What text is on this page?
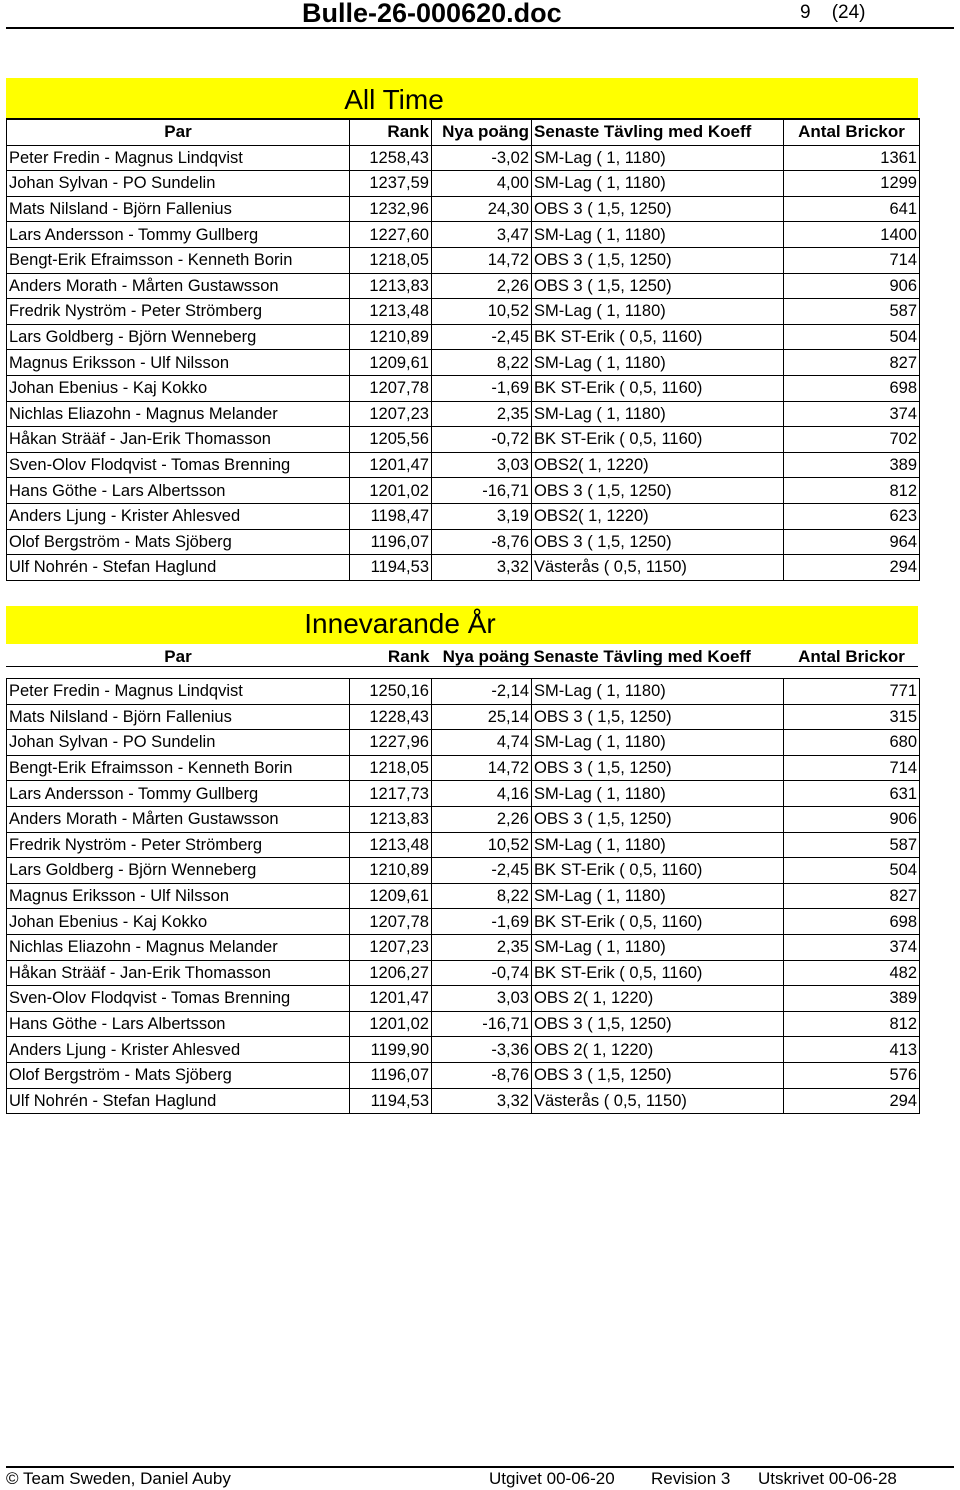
Bulle-26-000620.doc	9 (24)
All Time
Par	Rank	Nya poäng	Senaste Tävling med Koeff	Antal Brickor
Peter Fredin - Magnus Lindqvist	1258,43	-3,02	SM-Lag ( 1, 1180)	1361
Johan Sylvan - PO Sundelin	1237,59	4,00	SM-Lag ( 1, 1180)	1299
Mats Nilsland - Björn Fallenius	1232,96	24,30	OBS 3 ( 1,5, 1250)	641
Lars Andersson - Tommy Gullberg	1227,60	3,47	SM-Lag ( 1, 1180)	1400
Bengt-Erik Efraimsson - Kenneth Borin	1218,05	14,72	OBS 3 ( 1,5, 1250)	714
Anders Morath - Mårten Gustawsson	1213,83	2,26	OBS 3 ( 1,5, 1250)	906
Fredrik Nyström - Peter Strömberg	1213,48	10,52	SM-Lag ( 1, 1180)	587
Lars Goldberg - Björn Wenneberg	1210,89	-2,45	BK ST-Erik ( 0,5, 1160)	504
Magnus Eriksson - Ulf Nilsson	1209,61	8,22	SM-Lag ( 1, 1180)	827
Johan Ebenius - Kaj Kokko	1207,78	-1,69	BK ST-Erik ( 0,5, 1160)	698
Nichlas Eliazohn - Magnus Melander	1207,23	2,35	SM-Lag ( 1, 1180)	374
Håkan Strääf - Jan-Erik Thomasson	1205,56	-0,72	BK ST-Erik ( 0,5, 1160)	702
Sven-Olov Flodqvist - Tomas Brenning	1201,47	3,03	OBS2( 1, 1220)	389
Hans Göthe - Lars Albertsson	1201,02	-16,71	OBS 3 ( 1,5, 1250)	812
Anders Ljung - Krister Ahlesved	1198,47	3,19	OBS2( 1, 1220)	623
Olof Bergström - Mats Sjöberg	1196,07	-8,76	OBS 3 ( 1,5, 1250)	964
Ulf Nohrén - Stefan Haglund	1194,53	3,32	Västerås ( 0,5, 1150)	294
Innevarande År
Par	Rank	Nya poäng	Senaste Tävling med Koeff	Antal Brickor

Peter Fredin - Magnus Lindqvist	1250,16	-2,14	SM-Lag ( 1, 1180)	771
Mats Nilsland - Björn Fallenius	1228,43	25,14	OBS 3 ( 1,5, 1250)	315
Johan Sylvan - PO Sundelin	1227,96	4,74	SM-Lag ( 1, 1180)	680
Bengt-Erik Efraimsson - Kenneth Borin	1218,05	14,72	OBS 3 ( 1,5, 1250)	714
Lars Andersson - Tommy Gullberg	1217,73	4,16	SM-Lag ( 1, 1180)	631
Anders Morath - Mårten Gustawsson	1213,83	2,26	OBS 3 ( 1,5, 1250)	906
Fredrik Nyström - Peter Strömberg	1213,48	10,52	SM-Lag ( 1, 1180)	587
Lars Goldberg - Björn Wenneberg	1210,89	-2,45	BK ST-Erik ( 0,5, 1160)	504
Magnus Eriksson - Ulf Nilsson	1209,61	8,22	SM-Lag ( 1, 1180)	827
Johan Ebenius - Kaj Kokko	1207,78	-1,69	BK ST-Erik ( 0,5, 1160)	698
Nichlas Eliazohn - Magnus Melander	1207,23	2,35	SM-Lag ( 1, 1180)	374
Håkan Strääf - Jan-Erik Thomasson	1206,27	-0,74	BK ST-Erik ( 0,5, 1160)	482
Sven-Olov Flodqvist - Tomas Brenning	1201,47	3,03	OBS 2( 1, 1220)	389
Hans Göthe - Lars Albertsson	1201,02	-16,71	OBS 3 ( 1,5, 1250)	812
Anders Ljung - Krister Ahlesved	1199,90	-3,36	OBS 2( 1, 1220)	413
Olof Bergström - Mats Sjöberg	1196,07	-8,76	OBS 3 ( 1,5, 1250)	576
Ulf Nohrén - Stefan Haglund	1194,53	3,32	Västerås ( 0,5, 1150)	294
© Team Sweden, Daniel Auby	Utgivet 00-06-20 Revision 3 Utskrivet 00-06-28
